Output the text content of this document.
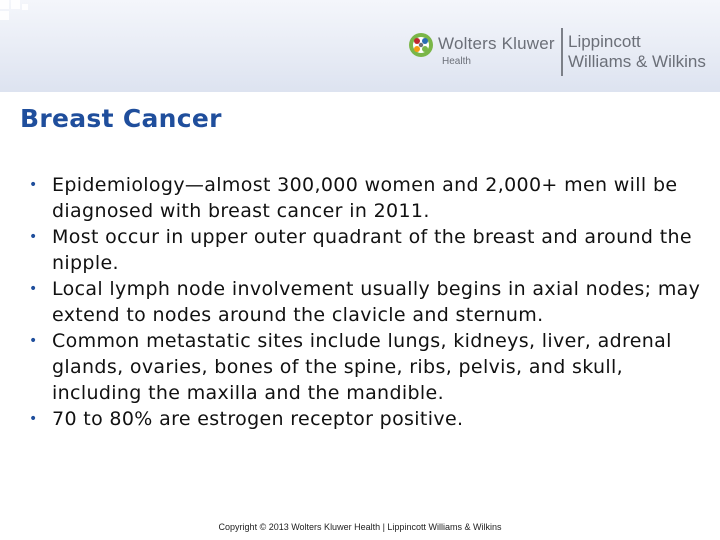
Wolters Kluwer
Health
Lippincott
Williams & Wilkins
Breast Cancer
• Epidemiology—almost 300,000 women and 2,000+ men will be diagnosed with breast cancer in 2011.
• Most occur in upper outer quadrant of the breast and around the nipple.
• Local lymph node involvement usually begins in axial nodes; may extend to nodes around the clavicle and sternum.
• Common metastatic sites include lungs, kidneys, liver, adrenal glands, ovaries, bones of the spine, ribs, pelvis, and skull, including the maxilla and the mandible.
• 70 to 80% are estrogen receptor positive.
Copyright © 2013 Wolters Kluwer Health | Lippincott Williams & Wilkins
